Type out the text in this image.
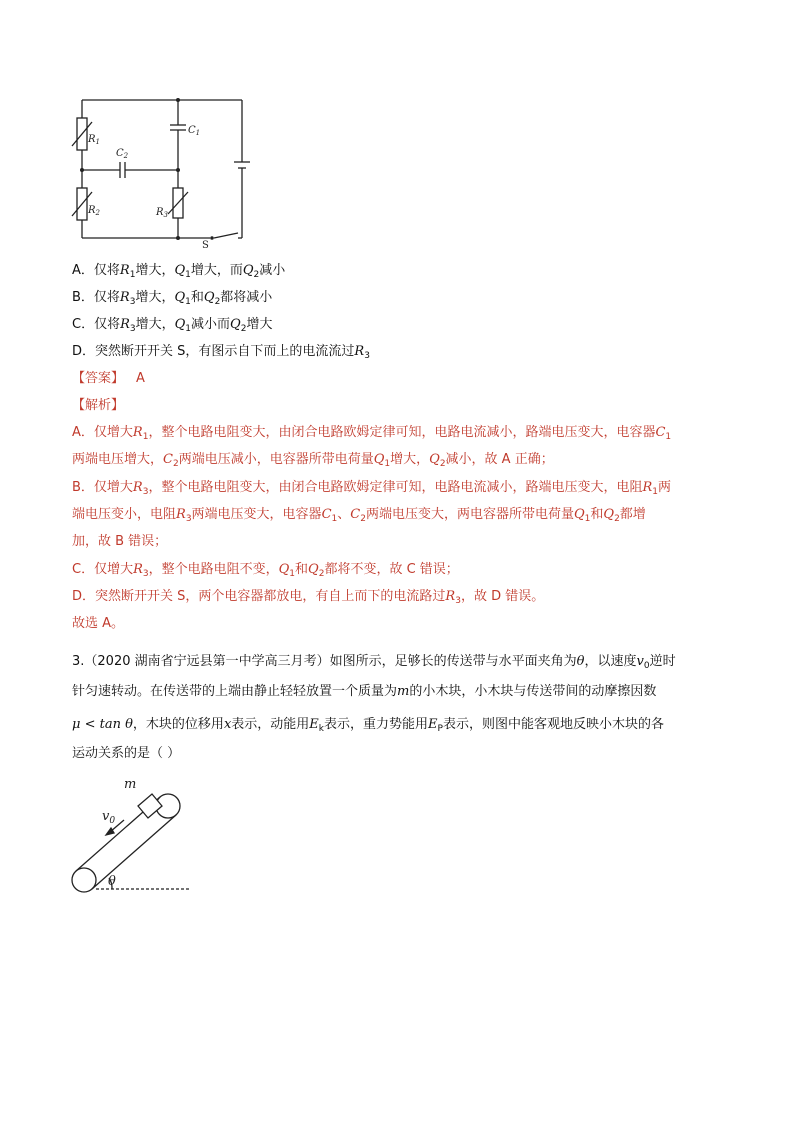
$R_1$
$R_2$	$R_3$
$C_1$
$C_2$
S
A．仅将$R_1$增大，$Q_1$增大，而$Q_2$减小
B．仅将$R_3$增大，$Q_1$和$Q_2$都将减小
C．仅将$R_3$增大，$Q_1$减小而$Q_2$增大
D．突然断开开关 S，有图示自下而上的电流流过$R_3$
【答案】 A
【解析】
A．仅增大$R_1$，整个电路电阻变大，由闭合电路欧姆定律可知，电路电流减小，路端电压变大，电容器$C_1$
两端电压增大，$C_2$两端电压减小，电容器所带电荷量$Q_1$增大，$Q_2$减小，故 A 正确；
B．仅增大$R_3$，整个电路电阻变大，由闭合电路欧姆定律可知，电路电流减小，路端电压变大，电阻$R_1$两
端电压变小，电阻$R_3$两端电压变大，电容器$C_1$、$C_2$两端电压变大，两电容器所带电荷量$Q_1$和$Q_2$都增
加，故 B 错误；
C．仅增大$R_3$，整个电路电阻不变，$Q_1$和$Q_2$都将不变，故 C 错误；
D．突然断开开关 S，两个电容器都放电，有自上而下的电流路过$R_3$，故 D 错误。
故选 A。
3.（2020 湖南省宁远县第一中学高三月考）如图所示，足够长的传送带与水平面夹角为θ，以速度$v_0$逆时
针匀速转动。在传送带的上端由静止轻轻放置一个质量为m的小木块，小木块与传送带间的动摩擦因数
μ < tan θ，木块的位移用x表示，动能用$E_k$表示，重力势能用$E_P$表示，则图中能客观地反映小木块的各
运动关系的是（ ）
m
$v_0$
θ
